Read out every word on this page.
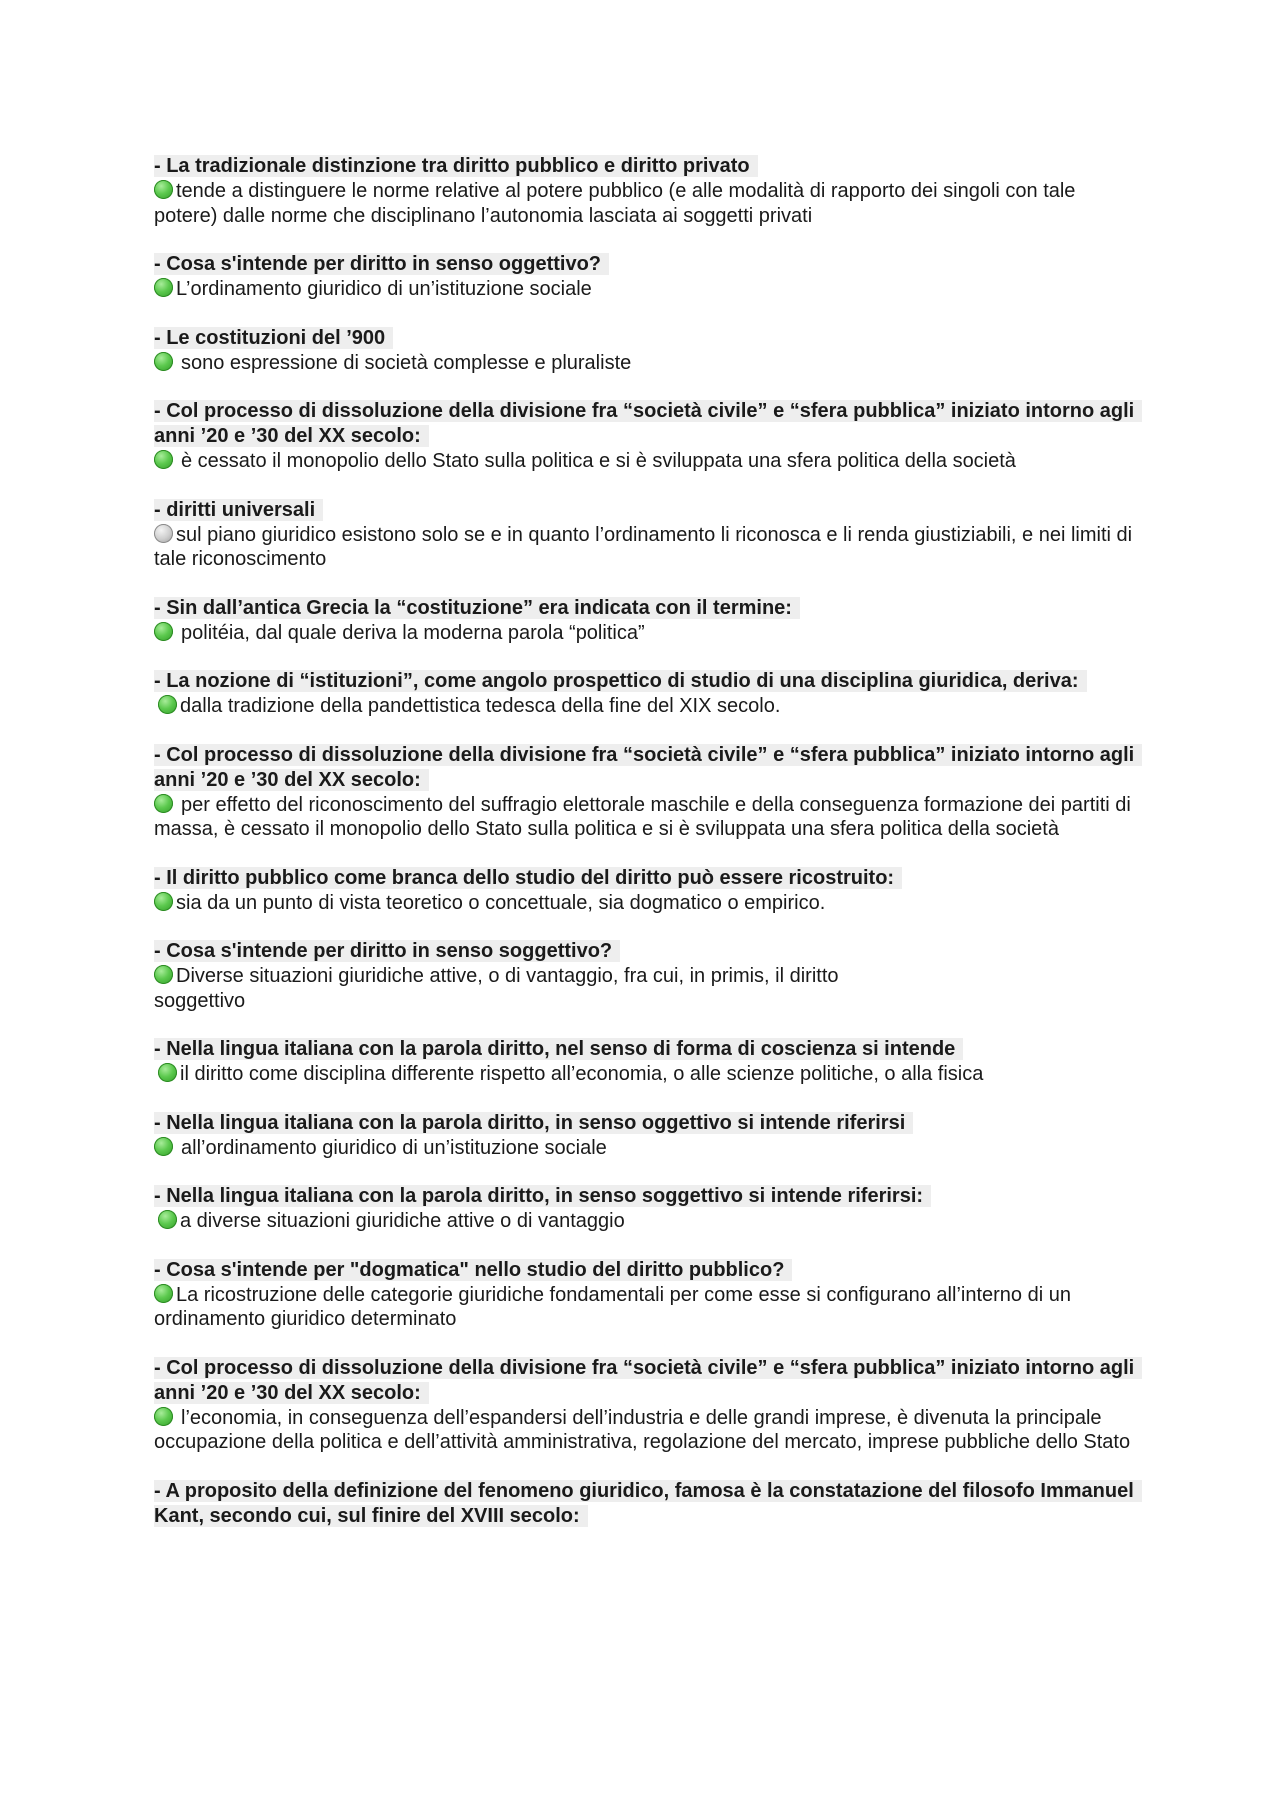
- La tradizionale distinzione tra diritto pubblico e diritto privato
tende a distinguere le norme relative al potere pubblico (e alle modalità di rapporto dei singoli con tale potere) dalle norme che disciplinano l’autonomia lasciata ai soggetti privati
- Cosa s'intende per diritto in senso oggettivo?
L’ordinamento giuridico di un’istituzione sociale
- Le costituzioni del ’900
sono espressione di società complesse e pluraliste
- Col processo di dissoluzione della divisione fra “società civile” e “sfera pubblica” iniziato intorno agli anni ’20 e ’30 del XX secolo:
è cessato il monopolio dello Stato sulla politica e si è sviluppata una sfera politica della società
- diritti universali
sul piano giuridico esistono solo se e in quanto l’ordinamento li riconosca e li renda giustiziabili, e nei limiti di tale riconoscimento
- Sin dall’antica Grecia la “costituzione” era indicata con il termine:
politéia, dal quale deriva la moderna parola “politica”
- La nozione di “istituzioni”, come angolo prospettico di studio di una disciplina giuridica, deriva:
dalla tradizione della pandettistica tedesca della fine del XIX secolo.
- Col processo di dissoluzione della divisione fra “società civile” e “sfera pubblica” iniziato intorno agli anni ’20 e ’30 del XX secolo:
per effetto del riconoscimento del suffragio elettorale maschile e della conseguenza formazione dei partiti di massa, è cessato il monopolio dello Stato sulla politica e si è sviluppata una sfera politica della società
- Il diritto pubblico come branca dello studio del diritto può essere ricostruito:
sia da un punto di vista teoretico o concettuale, sia dogmatico o empirico.
- Cosa s'intende per diritto in senso soggettivo?
Diverse situazioni giuridiche attive, o di vantaggio, fra cui, in primis, il diritto soggettivo
- Nella lingua italiana con la parola diritto, nel senso di forma di coscienza si intende
il diritto come disciplina differente rispetto all’economia, o alle scienze politiche, o alla fisica
- Nella lingua italiana con la parola diritto, in senso oggettivo si intende riferirsi
all’ordinamento giuridico di un’istituzione sociale
- Nella lingua italiana con la parola diritto, in senso soggettivo si intende riferirsi:
a diverse situazioni giuridiche attive o di vantaggio
- Cosa s'intende per "dogmatica" nello studio del diritto pubblico?
La ricostruzione delle categorie giuridiche fondamentali per come esse si configurano all’interno di un ordinamento giuridico determinato
- Col processo di dissoluzione della divisione fra “società civile” e “sfera pubblica” iniziato intorno agli anni ’20 e ’30 del XX secolo:
l’economia, in conseguenza dell’espandersi dell’industria e delle grandi imprese, è divenuta la principale occupazione della politica e dell’attività amministrativa, regolazione del mercato, imprese pubbliche dello Stato
- A proposito della definizione del fenomeno giuridico, famosa è la constatazione del filosofo Immanuel Kant, secondo cui, sul finire del XVIII secolo:
